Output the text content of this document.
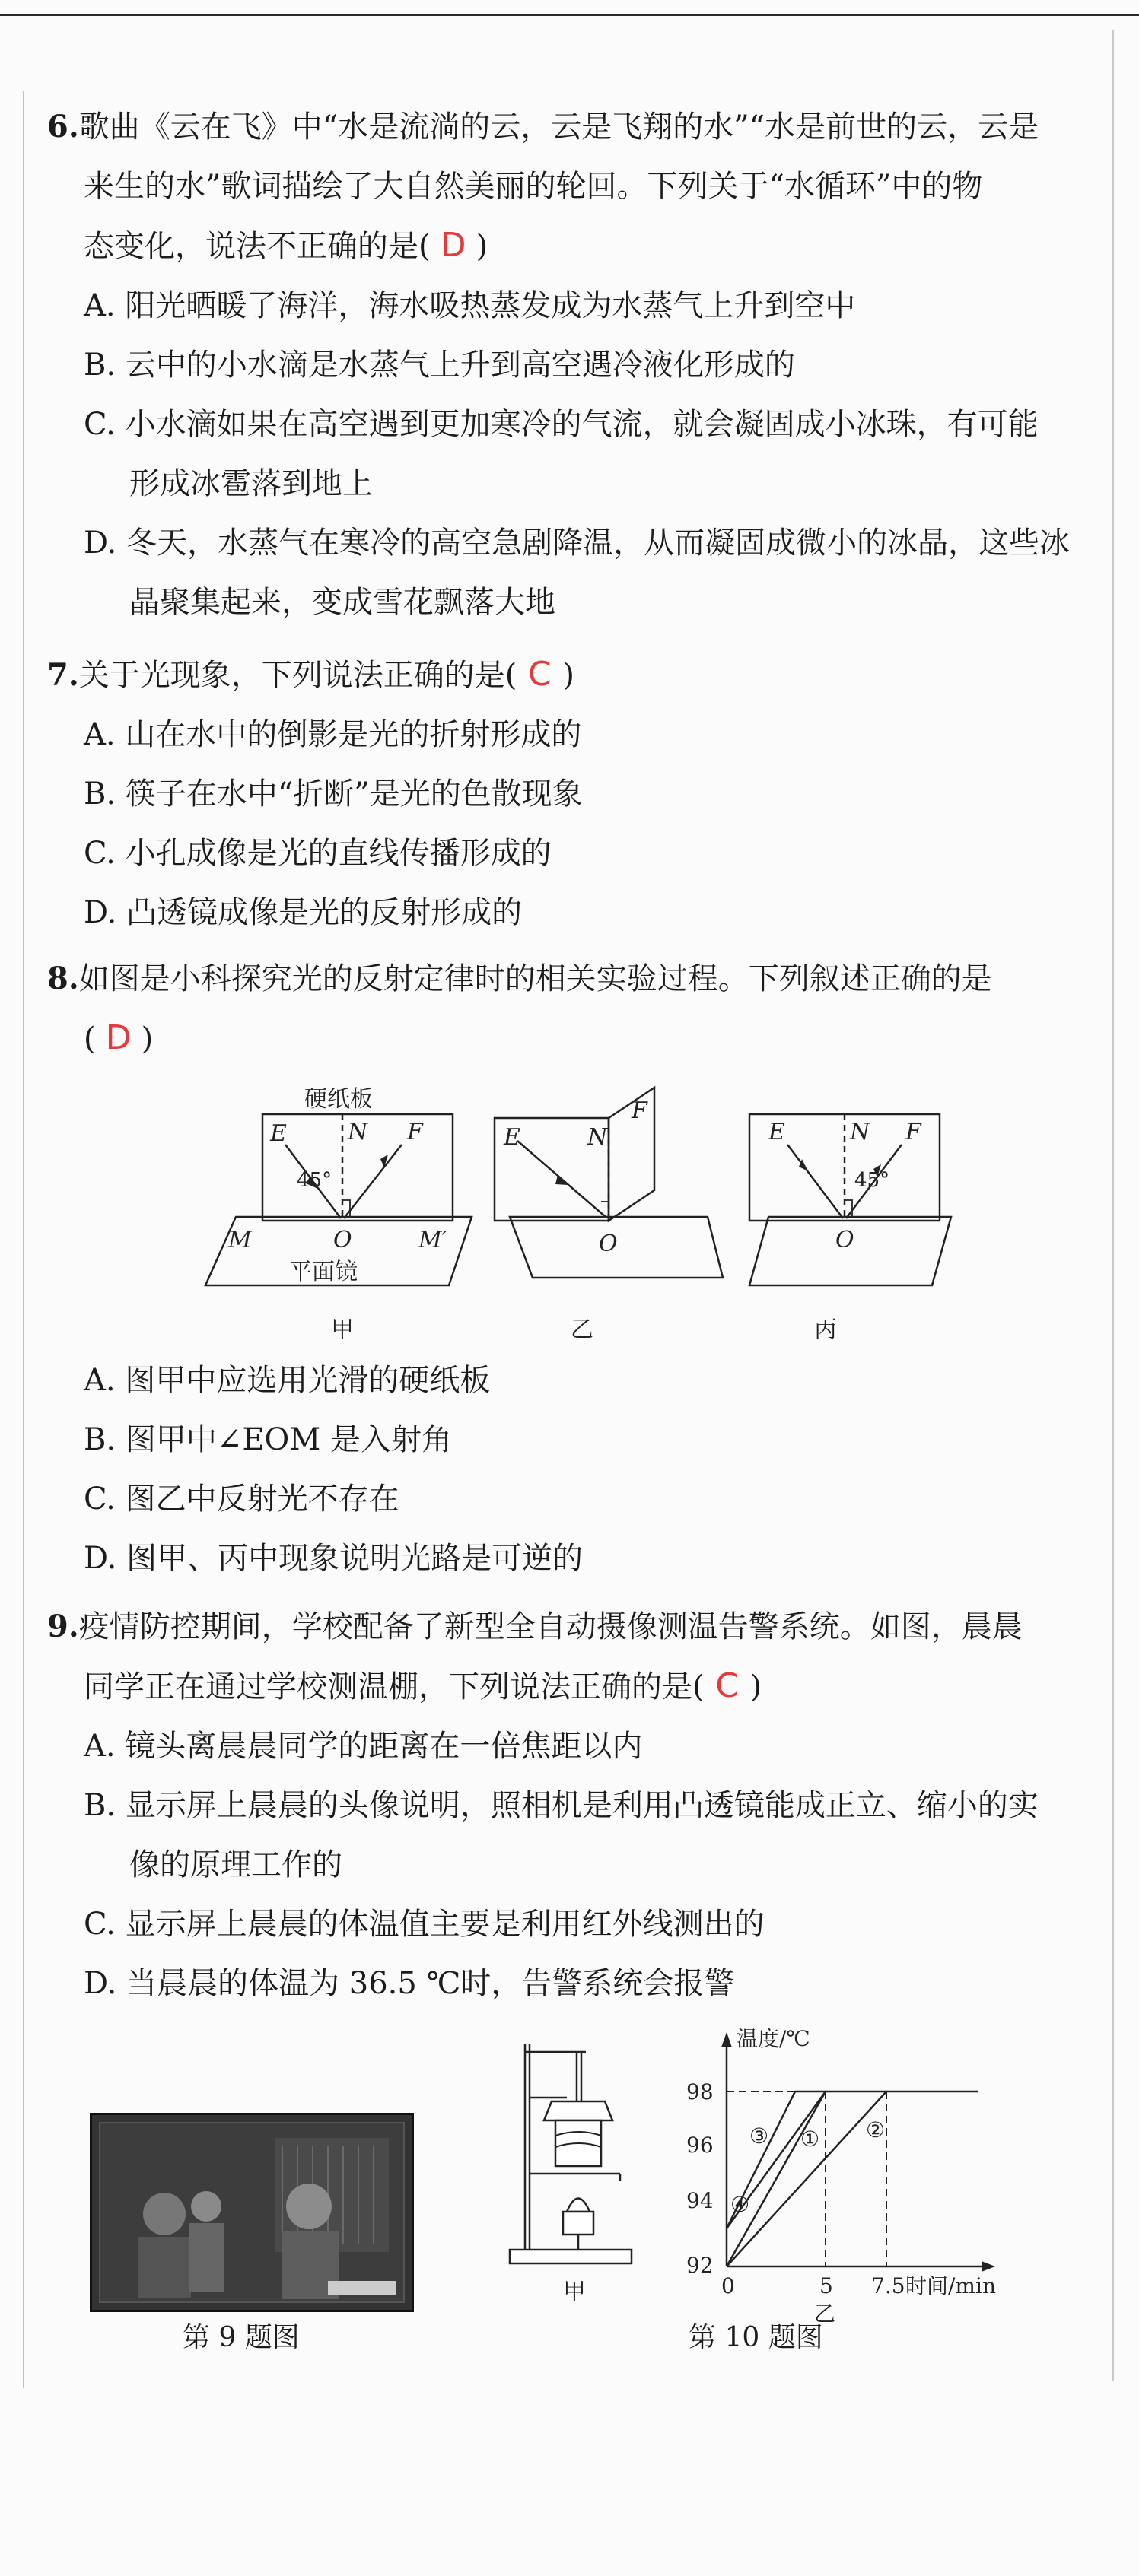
6.歌曲《云在飞》中“水是流淌的云，云是飞翔的水”“水是前世的云，云是

来生的水”歌词描绘了大自然美丽的轮回。下列关于“水循环”中的物

态变化，说法不正确的是( D )

A. 阳光晒暖了海洋，海水吸热蒸发成为水蒸气上升到空中

B. 云中的小水滴是水蒸气上升到高空遇冷液化形成的

C. 小水滴如果在高空遇到更加寒冷的气流，就会凝固成小冰珠，有可能

形成冰雹落到地上

D. 冬天，水蒸气在寒冷的高空急剧降温，从而凝固成微小的冰晶，这些冰

晶聚集起来，变成雪花飘落大地

7.关于光现象，下列说法正确的是( C )

A. 山在水中的倒影是光的折射形成的

B. 筷子在水中“折断”是光的色散现象

C. 小孔成像是光的直线传播形成的

D. 凸透镜成像是光的反射形成的

8.如图是小科探究光的反射定律时的相关实验过程。下列叙述正确的是

( D )

硬纸板
E	N F
45°
M	O	M′
平面镜
E	N
F
O
E	N F
45°
O
甲	乙	丙

A. 图甲中应选用光滑的硬纸板

B. 图甲中∠EOM 是入射角

C. 图乙中反射光不存在

D. 图甲、丙中现象说明光路是可逆的

9.疫情防控期间，学校配备了新型全自动摄像测温告警系统。如图，晨晨

同学正在通过学校测温棚，下列说法正确的是( C )

A. 镜头离晨晨同学的距离在一倍焦距以内

B. 显示屏上晨晨的头像说明，照相机是利用凸透镜能成正立、缩小的实

像的原理工作的

C. 显示屏上晨晨的体温值主要是利用红外线测出的

D. 当晨晨的体温为 36.5 ℃时，告警系统会报警

第 9 题图
甲
温度/℃
98
96
94
92
0	5 7.5 时间/min
① ②
③
④
乙
第 10 题图
